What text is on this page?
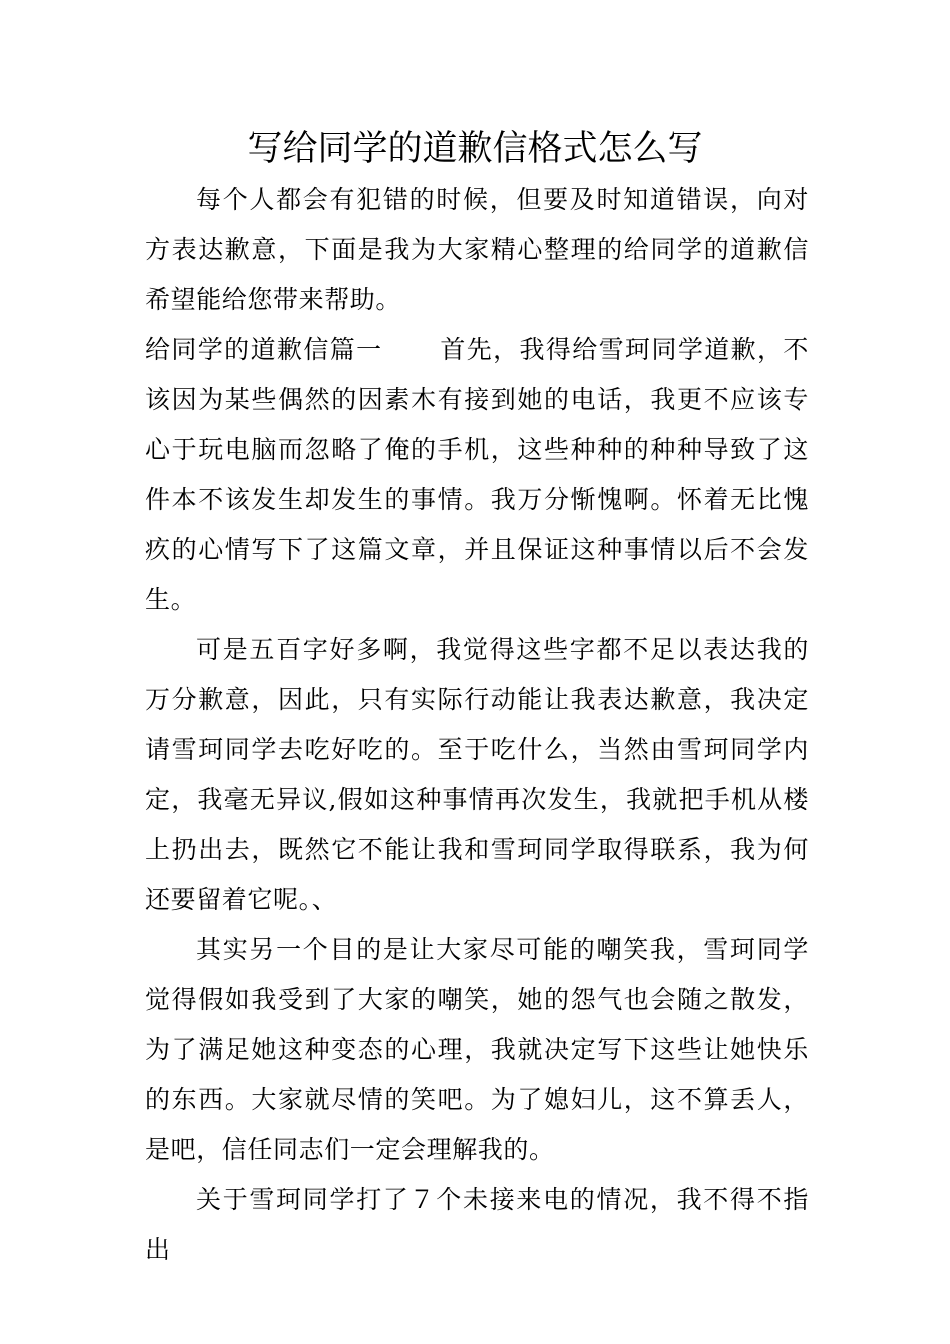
写给同学的道歉信格式怎么写

每个人都会有犯错的时候，但要及时知道错误，向对方表达歉意，下面是我为大家精心整理的给同学的道歉信希望能给您带来帮助。

给同学的道歉信篇一 首先，我得给雪珂同学道歉，不该因为某些偶然的因素木有接到她的电话，我更不应该专心于玩电脑而忽略了俺的手机，这些种种的种种导致了这件本不该发生却发生的事情。我万分惭愧啊。怀着无比愧疚的心情写下了这篇文章，并且保证这种事情以后不会发生。

可是五百字好多啊，我觉得这些字都不足以表达我的万分歉意，因此，只有实际行动能让我表达歉意，我决定请雪珂同学去吃好吃的。至于吃什么，当然由雪珂同学内定，我毫无异议,假如这种事情再次发生，我就把手机从楼上扔出去，既然它不能让我和雪珂同学取得联系，我为何还要留着它呢。、

其实另一个目的是让大家尽可能的嘲笑我，雪珂同学觉得假如我受到了大家的嘲笑，她的怨气也会随之散发，为了满足她这种变态的心理，我就决定写下这些让她快乐的东西。大家就尽情的笑吧。为了媳妇儿，这不算丢人，是吧，信任同志们一定会理解我的。

关于雪珂同学打了７个未接来电的情况，我不得不指出
